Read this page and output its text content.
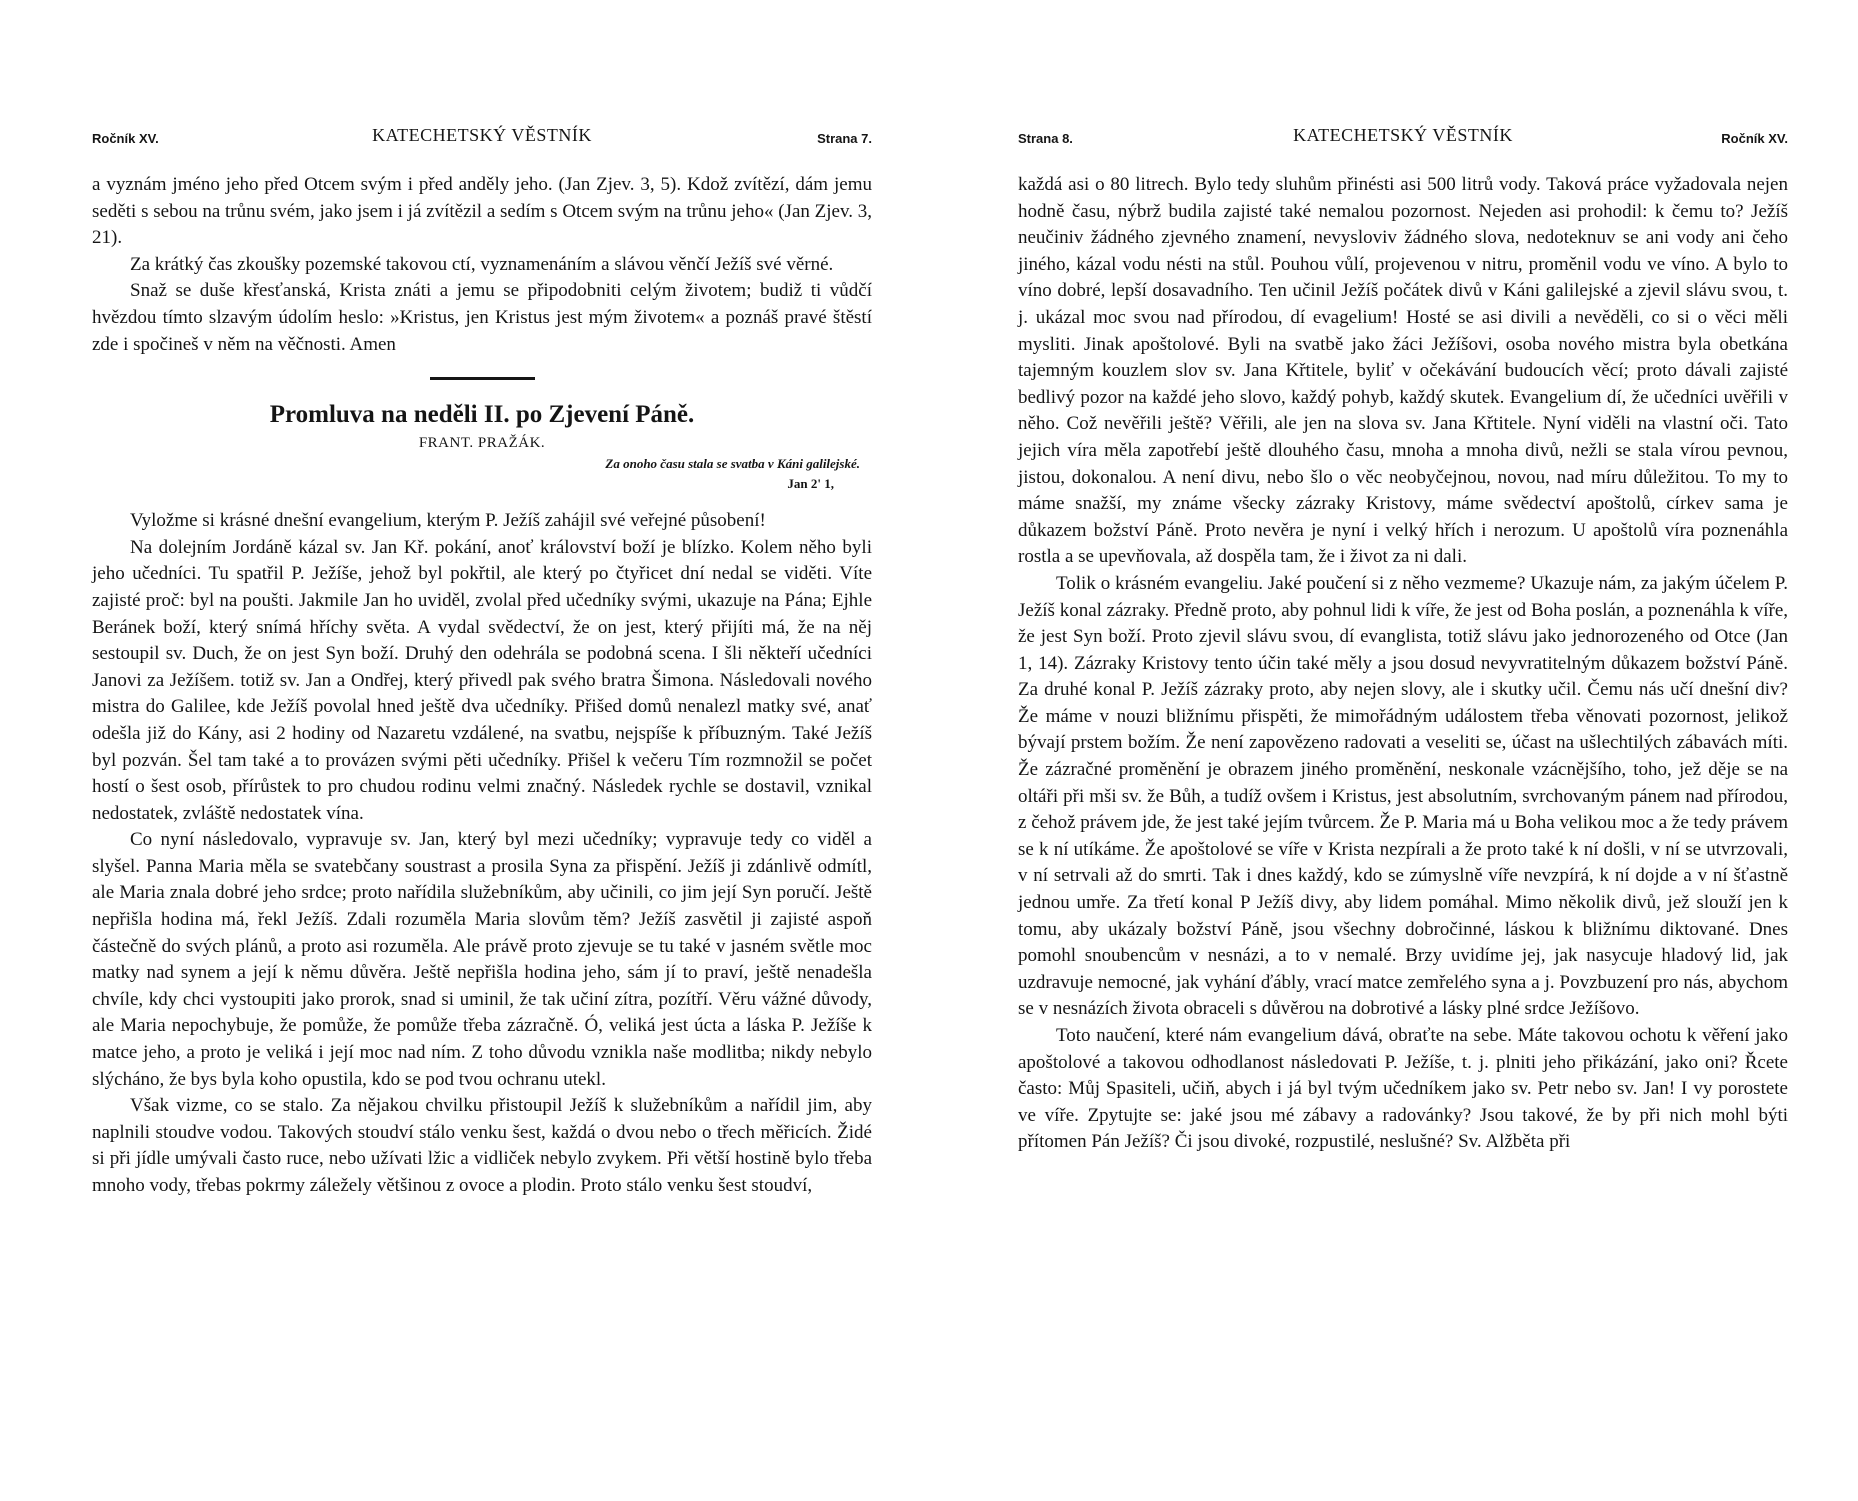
Ročník XV.	KATECHETSKÝ VĚSTNÍK	Strana 7.

a vyznám jméno jeho před Otcem svým i před anděly jeho. (Jan Zjev. 3, 5). Kdož zvítězí, dám jemu seděti s sebou na trůnu svém, jako jsem i já zvítězil a sedím s Otcem svým na trůnu jeho« (Jan Zjev. 3, 21).

Za krátký čas zkoušky pozemské takovou ctí, vyznamenáním a slávou věnčí Ježíš své věrné.

Snaž se duše křesťanská, Krista znáti a jemu se připodobniti celým životem; budiž ti vůdčí hvězdou tímto slzavým údolím heslo: »Kristus, jen Kristus jest mým životem« a poznáš pravé štěstí zde i spočineš v něm na věčnosti. Amen

Promluva na neděli II. po Zjevení Páně.
FRANT. PRAŽÁK.
Za onoho času stala se svatba v Káni galilejské.
Jan 2' 1,

Vyložme si krásné dnešní evangelium, kterým P. Ježíš zahájil své veřejné působení!

Na dolejním Jordáně kázal sv. Jan Kř. pokání, anoť království boží je blízko. Kolem něho byli jeho učedníci. Tu spatřil P. Ježíše, jehož byl pokřtil, ale který po čtyřicet dní nedal se viděti. Víte zajisté proč: byl na poušti. Jakmile Jan ho uviděl, zvolal před učedníky svými, ukazuje na Pána; Ejhle Beránek boží, který snímá hříchy světa. A vydal svědectví, že on jest, který přijíti má, že na něj sestoupil sv. Duch, že on jest Syn boží. Druhý den odehrála se podobná scena. I šli někteří učedníci Janovi za Ježíšem. totiž sv. Jan a Ondřej, který přivedl pak svého bratra Šimona. Následovali nového mistra do Galilee, kde Ježíš povolal hned ještě dva učedníky. Přišed domů nenalezl matky své, anať odešla již do Kány, asi 2 hodiny od Nazaretu vzdálené, na svatbu, nejspíše k příbuzným. Také Ježíš byl pozván. Šel tam také a to provázen svými pěti učedníky. Přišel k večeru Tím rozmnožil se počet hostí o šest osob, přírůstek to pro chudou rodinu velmi značný. Následek rychle se dostavil, vznikal nedostatek, zvláště nedostatek vína.

Co nyní následovalo, vypravuje sv. Jan, který byl mezi učedníky; vypravuje tedy co viděl a slyšel. Panna Maria měla se svatebčany soustrast a prosila Syna za přispění. Ježíš ji zdánlivě odmítl, ale Maria znala dobré jeho srdce; proto nařídila služebníkům, aby učinili, co jim její Syn poručí. Ještě nepřišla hodina má, řekl Ježíš. Zdali rozuměla Maria slovům těm? Ježíš zasvětil ji zajisté aspoň částečně do svých plánů, a proto asi rozuměla. Ale právě proto zjevuje se tu také v jasném světle moc matky nad synem a její k němu důvěra. Ještě nepřišla hodina jeho, sám jí to praví, ještě nenadešla chvíle, kdy chci vystoupiti jako prorok, snad si uminil, že tak učiní zítra, pozítří. Věru vážné důvody, ale Maria nepochybuje, že pomůže, že pomůže třeba zázračně. Ó, veliká jest úcta a láska P. Ježíše k matce jeho, a proto je veliká i její moc nad ním. Z toho důvodu vznikla naše modlitba; nikdy nebylo slýcháno, že bys byla koho opustila, kdo se pod tvou ochranu utekl.

Však vizme, co se stalo. Za nějakou chvilku přistoupil Ježíš k služebníkům a nařídil jim, aby naplnili stoudve vodou. Takových stoudví stálo venku šest, každá o dvou nebo o třech měřicích. Židé si při jídle umývali často ruce, nebo užívati lžic a vidliček nebylo zvykem. Při větší hostině bylo třeba mnoho vody, třebas pokrmy záležely většinou z ovoce a plodin. Proto stálo venku šest stoudví,

Strana 8.	KATECHETSKÝ VĚSTNÍK	Ročník XV.

každá asi o 80 litrech. Bylo tedy sluhům přinésti asi 500 litrů vody. Taková práce vyžadovala nejen hodně času, nýbrž budila zajisté také nemalou pozornost. Nejeden asi prohodil: k čemu to? Ježíš neučiniv žádného zjevného znamení, nevysloviv žádného slova, nedoteknuv se ani vody ani čeho jiného, kázal vodu nésti na stůl. Pouhou vůlí, projevenou v nitru, proměnil vodu ve víno. A bylo to víno dobré, lepší dosavadního. Ten učinil Ježíš počátek divů v Káni galilejské a zjevil slávu svou, t. j. ukázal moc svou nad přírodou, dí evagelium! Hosté se asi divili a nevěděli, co si o věci měli mysliti. Jinak apoštolové. Byli na svatbě jako žáci Ježíšovi, osoba nového mistra byla obetkána tajemným kouzlem slov sv. Jana Křtitele, byliť v očekávání budoucích věcí; proto dávali zajisté bedlivý pozor na každé jeho slovo, každý pohyb, každý skutek. Evangelium dí, že učedníci uvěřili v něho. Což nevěřili ještě? Věřili, ale jen na slova sv. Jana Křtitele. Nyní viděli na vlastní oči. Tato jejich víra měla zapotřebí ještě dlouhého času, mnoha a mnoha divů, nežli se stala vírou pevnou, jistou, dokonalou. A není divu, nebo šlo o věc neobyčejnou, novou, nad míru důležitou. To my to máme snažší, my známe všecky zázraky Kristovy, máme svědectví apoštolů, církev sama je důkazem božství Páně. Proto nevěra je nyní i velký hřích i nerozum. U apoštolů víra poznenáhla rostla a se upevňovala, až dospěla tam, že i život za ni dali.

Tolik o krásném evangeliu. Jaké poučení si z něho vezmeme? Ukazuje nám, za jakým účelem P. Ježíš konal zázraky. Předně proto, aby pohnul lidi k víře, že jest od Boha poslán, a poznenáhla k víře, že jest Syn boží. Proto zjevil slávu svou, dí evanglista, totiž slávu jako jednorozeného od Otce (Jan 1, 14). Zázraky Kristovy tento účin také měly a jsou dosud nevyvratitelným důkazem božství Páně. Za druhé konal P. Ježíš zázraky proto, aby nejen slovy, ale i skutky učil. Čemu nás učí dnešní div? Že máme v nouzi bližnímu přispěti, že mimořádným událostem třeba věnovati pozornost, jelikož bývají prstem božím. Že není zapovězeno radovati a veseliti se, účast na ušlechtilých zábavách míti. Že zázračné proměnění je obrazem jiného proměnění, neskonale vzácnějšího, toho, jež děje se na oltáři při mši sv. že Bůh, a tudíž ovšem i Kristus, jest absolutním, svrchovaným pánem nad přírodou, z čehož právem jde, že jest také jejím tvůrcem. Že P. Maria má u Boha velikou moc a že tedy právem se k ní utíkáme. Že apoštolové se víře v Krista nezpírali a že proto také k ní došli, v ní se utvrzovali, v ní setrvali až do smrti. Tak i dnes každý, kdo se zúmyslně víře nevzpírá, k ní dojde a v ní šťastně jednou umře. Za třetí konal P Ježíš divy, aby lidem pomáhal. Mimo několik divů, jež slouží jen k tomu, aby ukázaly božství Páně, jsou všechny dobročinné, láskou k bližnímu diktované. Dnes pomohl snoubencům v nesnázi, a to v nemalé. Brzy uvidíme jej, jak nasycuje hladový lid, jak uzdravuje nemocné, jak vyhání ďábly, vrací matce zemřelého syna a j. Povzbuzení pro nás, abychom se v nesnázích života obraceli s důvěrou na dobrotivé a lásky plné srdce Ježíšovo.

Toto naučení, které nám evangelium dává, obraťte na sebe. Máte takovou ochotu k věření jako apoštolové a takovou odhodlanost následovati P. Ježíše, t. j. plniti jeho přikázání, jako oni? Řcete často: Můj Spasiteli, učiň, abych i já byl tvým učedníkem jako sv. Petr nebo sv. Jan! I vy porostete ve víře. Zpytujte se: jaké jsou mé zábavy a radovánky? Jsou takové, že by při nich mohl býti přítomen Pán Ježíš? Či jsou divoké, rozpustilé, neslušné? Sv. Alžběta při
